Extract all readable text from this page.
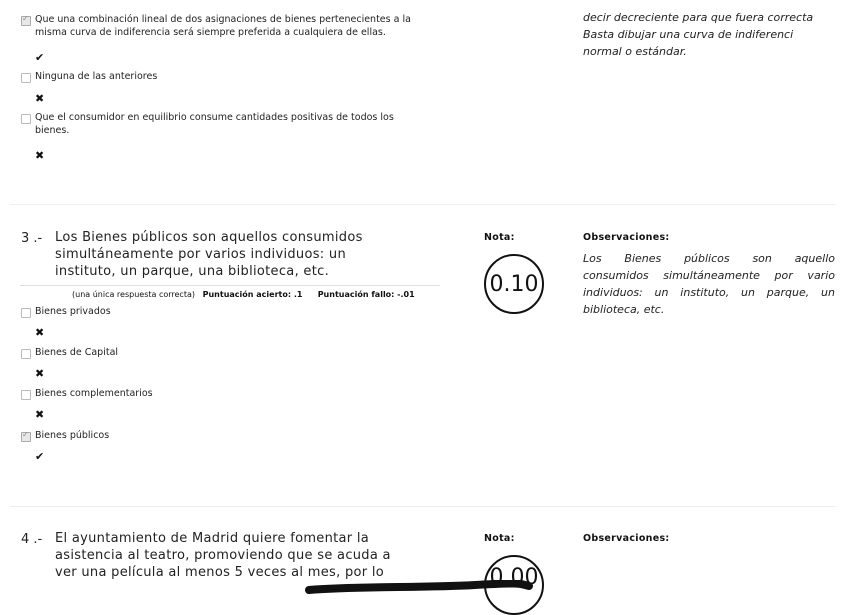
✓
Que una combinación lineal de dos asignaciones de bienes pertenecientes a la
misma curva de indiferencia será siempre preferida a cualquiera de ellas.
✔
Ninguna de las anteriores
✖
Que el consumidor en equilibrio consume cantidades positivas de todos los
bienes.
✖
decir decreciente para que fuera correcta
Basta dibujar una curva de indiferenci
normal o estándar.
3 .- Los Bienes públicos son aquellos consumidos
simultáneamente por varios individuos: un
instituto, un parque, una biblioteca, etc.
(una única respuesta correcta) Puntuación acierto: .1 Puntuación fallo: -.01
Nota:
0.10
Observaciones:
Los Bienes públicos son aquello
consumidos simultáneamente por vario
individuos: un instituto, un parque, un
biblioteca, etc.
Bienes privados
✖
Bienes de Capital
✖
Bienes complementarios
✖
✓
Bienes públicos
✔
4 .- El ayuntamiento de Madrid quiere fomentar la
asistencia al teatro, promoviendo que se acuda a
ver una película al menos 5 veces al mes, por lo
Nota:
0.00
Observaciones:
